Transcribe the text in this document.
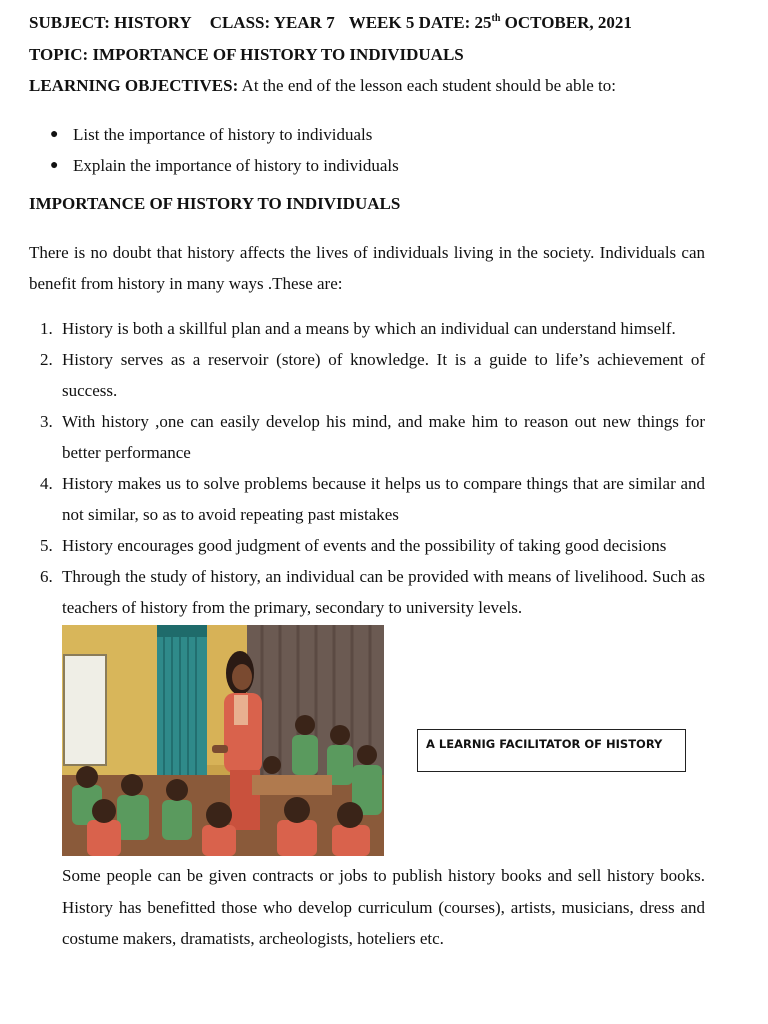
SUBJECT: HISTORY CLASS: YEAR 7 WEEK 5 DATE: 25th OCTOBER, 2021
TOPIC: IMPORTANCE OF HISTORY TO INDIVIDUALS
LEARNING OBJECTIVES: At the end of the lesson each student should be able to:
● List the importance of history to individuals
● Explain the importance of history to individuals
IMPORTANCE OF HISTORY TO INDIVIDUALS
There is no doubt that history affects the lives of individuals living in the society. Individuals can benefit from history in many ways .These are:
1. History is both a skillful plan and a means by which an individual can understand himself.
2. History serves as a reservoir (store) of knowledge. It is a guide to life’s achievement of success.
3. With history ,one can easily develop his mind, and make him to reason out new things for better performance
4. History makes us to solve problems because it helps us to compare things that are similar and not similar, so as to avoid repeating past mistakes
5. History encourages good judgment of events and the possibility of taking good decisions
6. Through the study of history, an individual can be provided with means of livelihood. Such as teachers of history from the primary, secondary to university levels.
A LEARNIG FACILITATOR OF HISTORY
Some people can be given contracts or jobs to publish history books and sell history books. History has benefitted those who develop curriculum (courses), artists, musicians, dress and costume makers, dramatists, archeologists, hoteliers etc.
